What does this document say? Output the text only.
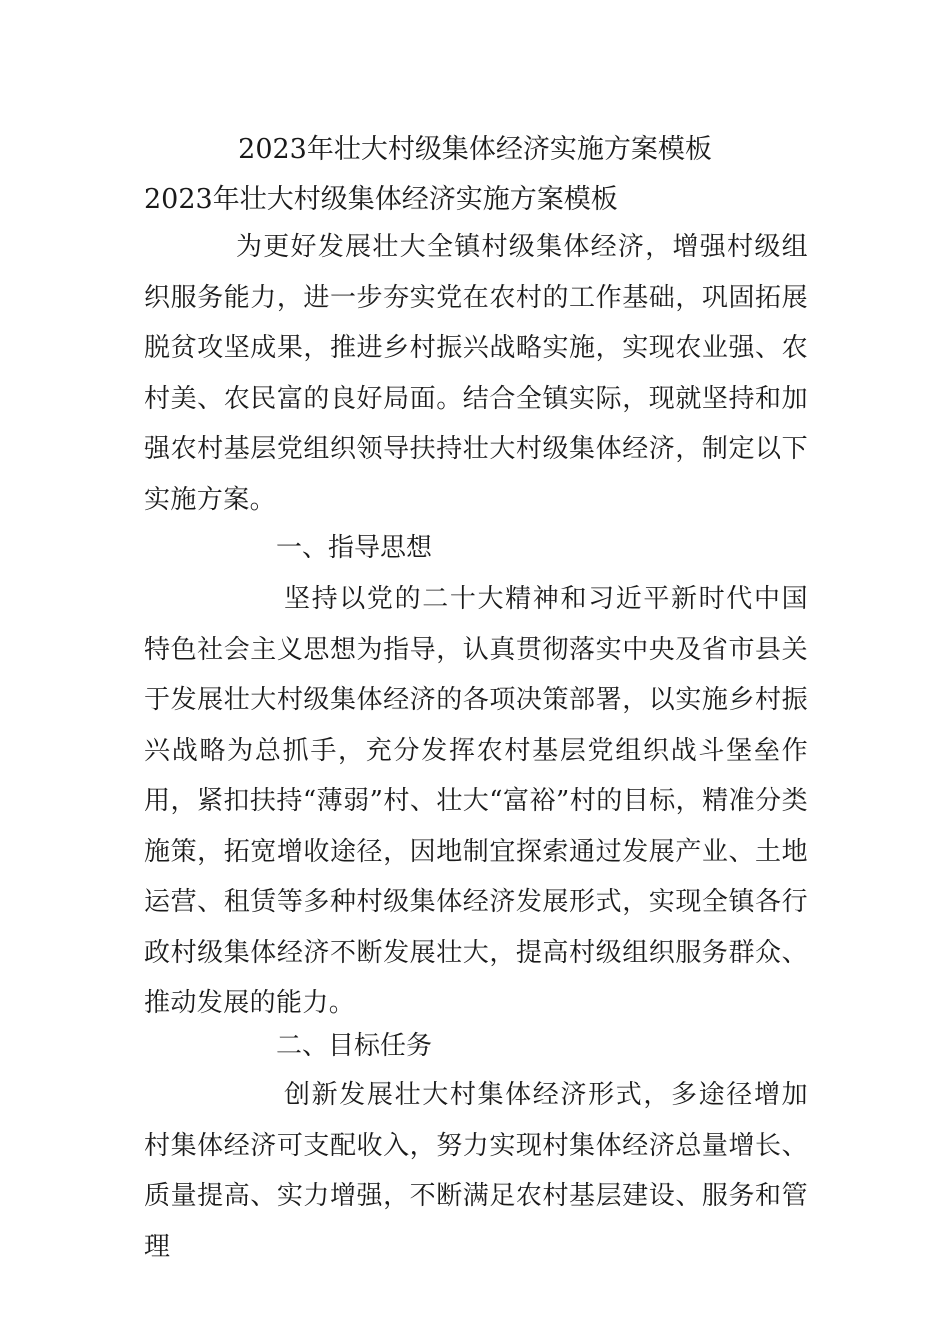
2023年壮大村级集体经济实施方案模板
2023年壮大村级集体经济实施方案模板

为更好发展壮大全镇村级集体经济，增强村级组织服务能力，进一步夯实党在农村的工作基础，巩固拓展脱贫攻坚成果，推进乡村振兴战略实施，实现农业强、农村美、农民富的良好局面。结合全镇实际，现就坚持和加强农村基层党组织领导扶持壮大村级集体经济，制定以下实施方案。

一、指导思想

坚持以党的二十大精神和习近平新时代中国特色社会主义思想为指导，认真贯彻落实中央及省市县关于发展壮大村级集体经济的各项决策部署，以实施乡村振兴战略为总抓手，充分发挥农村基层党组织战斗堡垒作用，紧扣扶持“薄弱”村、壮大“富裕”村的目标，精准分类施策，拓宽增收途径，因地制宜探索通过发展产业、土地运营、租赁等多种村级集体经济发展形式，实现全镇各行政村级集体经济不断发展壮大，提高村级组织服务群众、推动发展的能力。

二、目标任务

创新发展壮大村集体经济形式，多途径增加村集体经济可支配收入，努力实现村集体经济总量增长、质量提高、实力增强，不断满足农村基层建设、服务和管理
